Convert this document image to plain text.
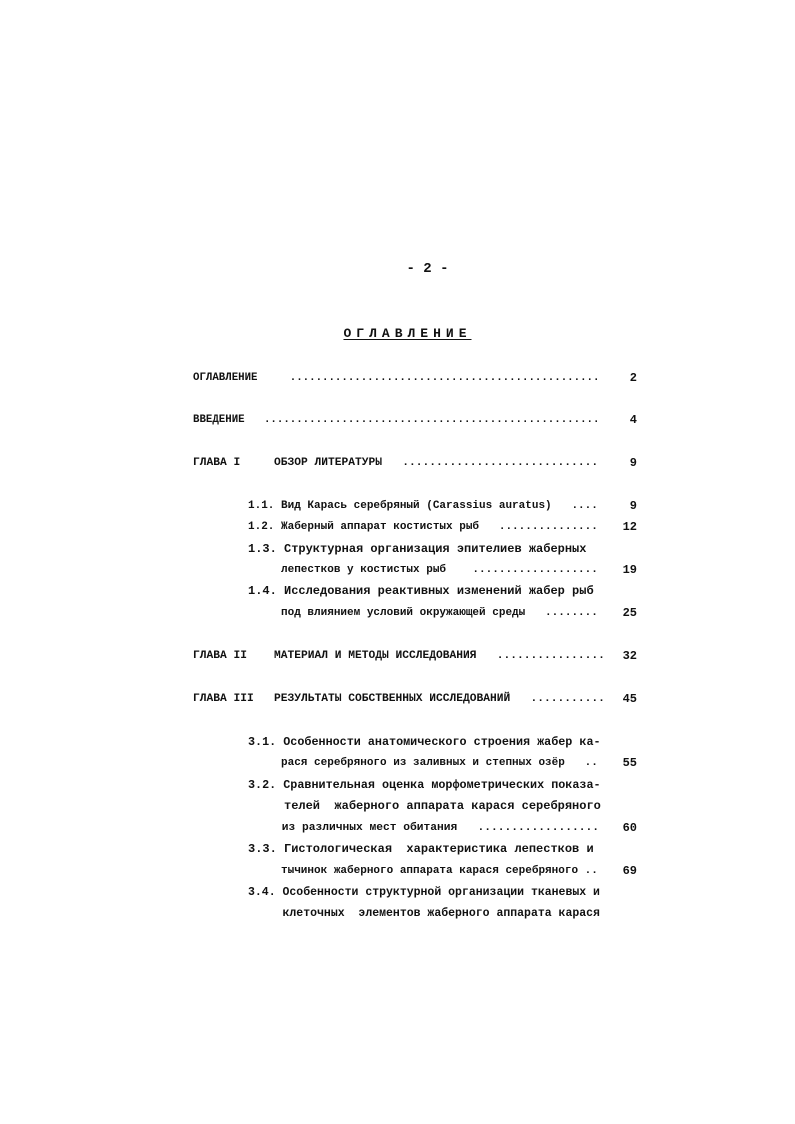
- 2 -
ОГЛАВЛЕНИЕ
ОГЛАВЛЕНИЕ     ................................................	2
ВВЕДЕНИЕ   ....................................................	4
ГЛАВА I     ОБЗОР ЛИТЕРАТУРЫ   .............................	9
1.1. Вид Карась серебряный (Carassius auratus)   ....	9
1.2. Жаберный аппарат костистых рыб   ...............	12
1.3. Структурная организация эпителиев жаберных
лепестков у костистых рыб    ...................	19
1.4. Исследования реактивных изменений жабер рыб
под влиянием условий окружающей среды   ........	25
ГЛАВА II    МАТЕРИАЛ И МЕТОДЫ ИССЛЕДОВАНИЯ   ................	32
ГЛАВА III   РЕЗУЛЬТАТЫ СОБСТВЕННЫХ ИССЛЕДОВАНИЙ   ...........	45
3.1. Особенности анатомического строения жабер ка-
рася серебряного из заливных и степных озёр   ..	55
3.2. Сравнительная оценка морфометрических показа-
телей  жаберного аппарата карася серебряного
из различных мест обитания   ..................	60
3.3. Гистологическая  характеристика лепестков и
тычинок жаберного аппарата карася серебряного ..	69
3.4. Особенности структурной организации тканевых и
клеточных  элементов жаберного аппарата карася
